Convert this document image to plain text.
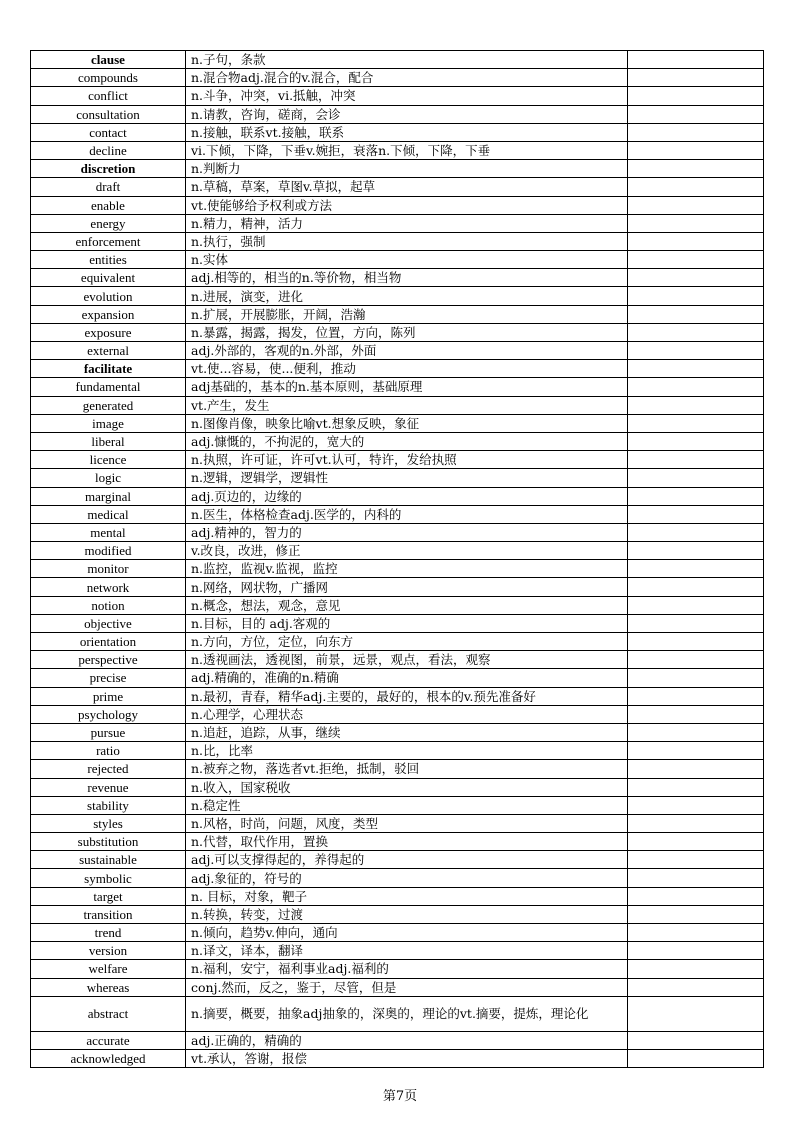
clause	n.子句，条款	
compounds	n.混合物adj.混合的v.混合，配合	
conflict	n.斗争，冲突，vi.抵触，冲突	
consultation	n.请教，咨询，磋商，会诊	
contact	n.接触，联系vt.接触，联系	
decline	vi.下倾，下降，下垂v.婉拒，衰落n.下倾，下降，下垂	
discretion	n.判断力	
draft	n.草稿，草案，草图v.草拟，起草	
enable	vt.使能够给予权利或方法	
energy	n.精力，精神，活力	
enforcement	n.执行，强制	
entities	n.实体	
equivalent	adj.相等的，相当的n.等价物，相当物	
evolution	n.进展，演变，进化	
expansion	n.扩展，开展膨胀，开阔，浩瀚	
exposure	n.暴露，揭露，揭发，位置，方向，陈列	
external	adj.外部的，客观的n.外部，外面	
facilitate	vt.使...容易，使...便利，推动	
fundamental	adj基础的，基本的n.基本原则，基础原理	
generated	vt.产生，发生	
image	n.图像肖像，映象比喻vt.想象反映，象征	
liberal	adj.慷慨的，不拘泥的，宽大的	
licence	n.执照，许可证，许可vt.认可，特许，发给执照	
logic	n.逻辑，逻辑学，逻辑性	
marginal	adj.页边的，边缘的	
medical	n.医生，体格检查adj.医学的，内科的	
mental	adj.精神的，智力的	
modified	v.改良，改进，修正	
monitor	n.监控，监视v.监视，监控	
network	n.网络，网状物，广播网	
notion	n.概念，想法，观念，意见	
objective	n.目标，目的 adj.客观的	
orientation	n.方向，方位，定位，向东方	
perspective	n.透视画法，透视图，前景，远景，观点，看法，观察	
precise	adj.精确的，准确的n.精确	
prime	n.最初，青春，精华adj.主要的，最好的，根本的v.预先准备好	
psychology	n.心理学，心理状态	
pursue	n.追赶，追踪，从事，继续	
ratio	n.比，比率	
rejected	n.被弃之物，落选者vt.拒绝，抵制，驳回	
revenue	n.收入，国家税收	
stability	n.稳定性	
styles	n.风格，时尚，问题，风度，类型	
substitution	n.代替，取代作用，置换	
sustainable	adj.可以支撑得起的，养得起的	
symbolic	adj.象征的，符号的	
target	n. 目标，对象，靶子	
transition	n.转换，转变，过渡	
trend	n.倾向，趋势v.伸向，通向	
version	n.译文，译本，翻译	
welfare	n.福利，安宁，福利事业adj.福利的	
whereas	conj.然而，反之，鉴于，尽管，但是	
abstract	n.摘要，概要，抽象adj抽象的，深奥的，理论的vt.摘要，提炼，理论化	
accurate	adj.正确的，精确的	
acknowledged	vt.承认，答谢，报偿	
第7页
